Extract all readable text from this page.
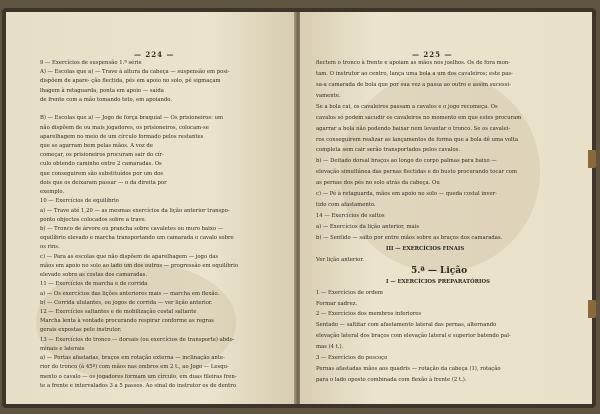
— 224 —	— 225 —
9 — Exercícios de suspensão 1.ª série
A) — Escolas que a) — Trave à altura da cabeça — suspensão em posi-
dispõem de apare- ção flectida, pés em apoio no solo, pé sigmaçam
lhagem à retaguarda, ponta em apoio — saída
de frente com a mão tomando teto, em apoiando.
B) — Escolas que a) — Jogo de força braquial — Os prisioneiros: um
não dispõem de ou mais jogadores, os prisioneiros, colocam-se
aparelhagem no meio de um círculo formado pelos restantes
que se agarram bem pelas mãos. A voz de
começar, os prisioneiros procuram sair do cír-
culo obtendo caminho entre 2 camaradas. Os
que conseguirem são substituídos por um dos
dois que os deixaram passar — o da direita por
exemplo.
10 — Exercícios de equilíbrio
a) — Trave até 1,20 — as mesmas exercícios da lição anterior transpo-
ponto objectos colocados sobre a trave.
b) — Tronco de árvore ou prancha sobre cavaletes ou muro baixo —
equilíbrio elevado e marcha transportando um camarada o cavalo sobre
os rins.
c) — Para as escolas que não dispõem de aparelhagem — jogo das
mãos em apoio no solo ao lado um dos outros — progressão em equilíbrio
elevado sobre as costas dos camaradas.
11 — Exercícios de marcha e de corrida
a) — Os exercícios das lições anteriores mais — marcha em flexão.
b) — Corrida ululantes, ou jogos de corrida — ver lição anterior.
12 — Exercícios saltantes e de mobilização costal saltante
Marcha lenta à vontade procurando respirar conforme as regras
gerais expostas pelo instrutor.
13 — Exercícios do tronco — dorsais (ou exercícios de transporte) abdo-
minais e laterais
a) — Portas afastadas, braços em rotação externa — inclinação ante-
rior do tronco (à 45º) com mãos nas ombros em 2 t., ao Jogo — Lesqu-
mento o cavalo — os jogadores formam um círculo, em duas fileiras fren-
te a frente e intervalados 3 a 5 passos. Ao sinal do instrutor os de dentro
flectem o tronco à frente e apoiam as mãos nos joelhos. Os de fora mon-
tam. O instrutor ao centro, lança uma bola a um dos cavaleiros; este pas-
sa-a camarada de bola que por sua vez a passa ao outro e assim sucessi-
vamente.
Se a bola cai, os cavaleiros passam a cavalos e o jogo recomeça. Os
cavalos só podem sacudir os cavaleiros no momento em que estes procuram
agarrar a bola não podendo baixar nem levantar o tronco. Se os cavalei-
ros conseguirem realizar as lançamentos de forma que a bola dê uma volta
completa sem cair serão transportados pelos cavalos.
b) — Deitado dorsal braços ao longo do corpo palmas para baixo —
elevação simultânea das pernas flectidas e do busto procurando tocar com
as pernas dos pés no solo atrás da cabeça. Ou
c) — Pé à retaguarda, mãos em apoio no solo — queda costal inver-
tido com afastamento.
14 — Exercícios de saltos
a) — Exercícios da lição anterior, mais
b) — Sentido — salto por entre mãos sobre as braços dos camaradas.
III — EXERCÍCIOS FINAIS
Ver lição anterior.
5.ª — Lição
I — EXERCÍCIOS PREPARATÓRIOS
1 — Exercícios de ordem
Formar xadrez.
2 — Exercícios dos membros inferiores
Sentado — saltitar com afastamento lateral das pernas, alternando
elevação lateral dos braços com elevação lateral e superior batendo pal-
mas (4 t.).
3 — Exercícios do pescoço
Pernas afastadas mãos aos quadris — rotação da cabeça (1), rotação
para o lado oposto combinada com flexão à frente (2 t.).
